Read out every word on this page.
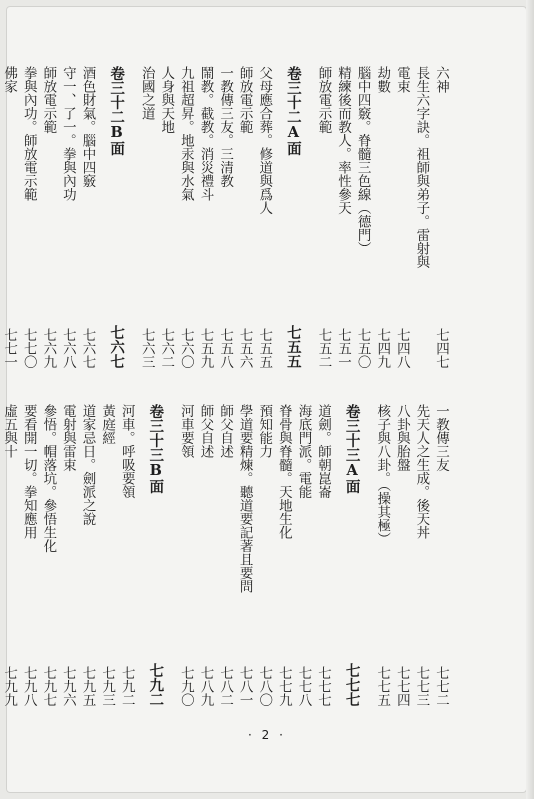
六神
七四七
長生六字訣。祖師與弟子。雷射與
電束
七四八
劫數
七四九
腦中四竅。脊髓三色線（德門）
七五〇
精練後而教人。率性參天
七五一
師放電示範
七五二
卷三十二A面
七五五
父母應合葬。修道與爲人
七五五
師放電示範
七五六
一教傳三友。三清教
七五八
鬧教。截教。消災禮斗
七五九
九祖超昇。地汞與水氣
七六〇
人身與天地
七六二
治國之道
七六三
卷三十二B面
七六七
酒色財氣。腦中四竅
七六七
守一、了一。拳與內功
七六八
師放電示範
七六九
拳與內功。師放電示範
七七〇
佛家
七七一
一教傳三友
七七二
先天人之生成。後天丼
七七三
八卦與胎盤
七七四
核子與八卦。（操其極）
七七五
卷三十三A面
七七七
道劍。師朝崑崙
七七七
海底門派。電能
七七八
脊骨與脊髓。天地生化
七七九
預知能力
七八〇
學道要精煉。聽道要記著且要問
七八一
師父自述
七八二
師父自述
七八九
河車要領
七九〇
卷三十三B面
七九二
河車。呼吸要領
七九二
黃庭經
七九三
道家忌日。劍派之說
七九五
電射與雷束
七九六
參悟。帽落坑。參悟生化
七九七
要看開一切。拳知應用
七九八
虛五與十
七九九
· 2 ·
